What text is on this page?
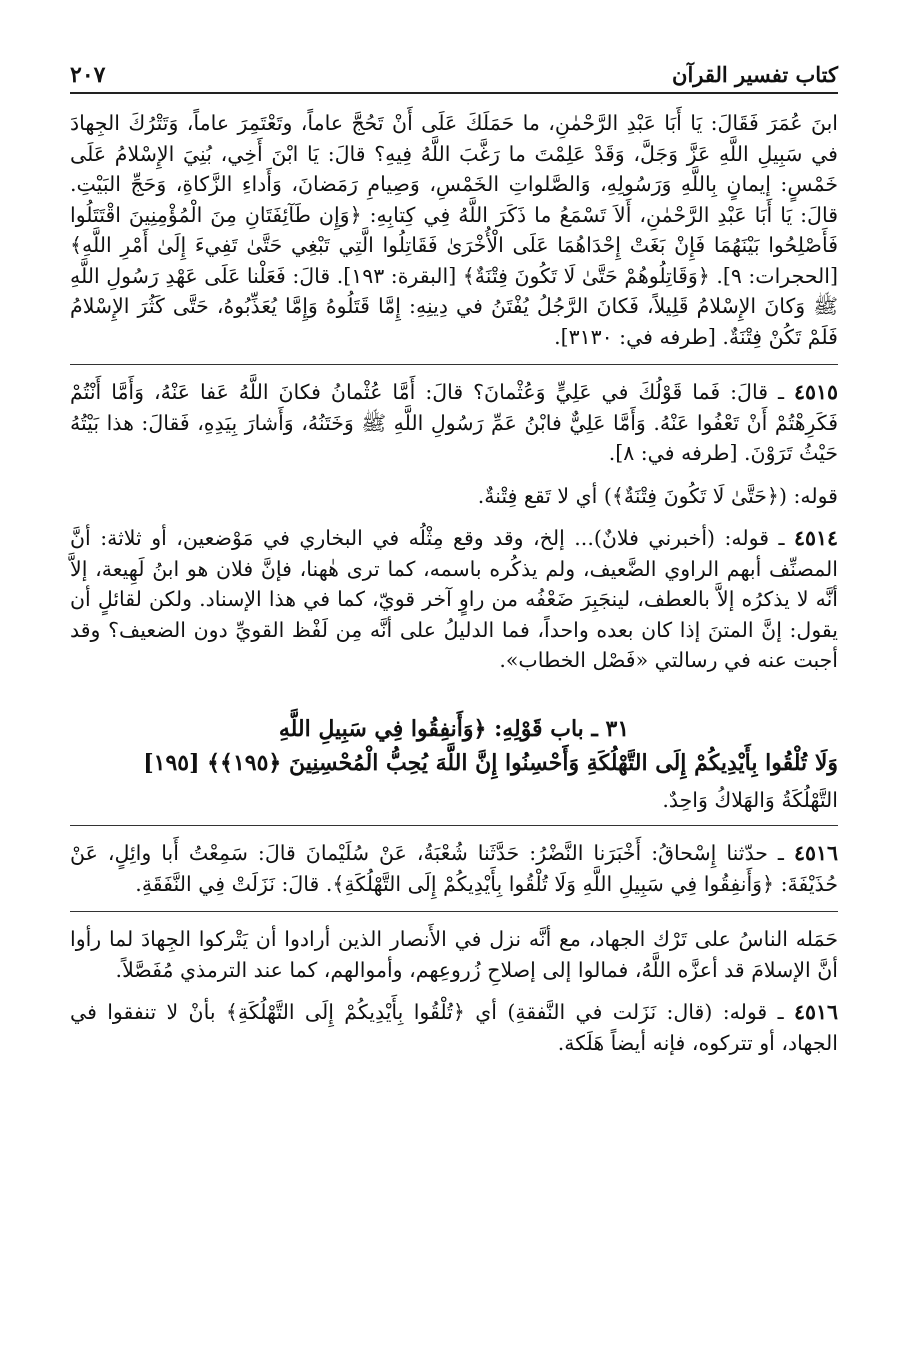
كتاب تفسير القرآن
٢٠٧

ابنَ عُمَرَ فَقَالَ: يَا أَبَا عَبْدِ الرَّحْمٰنِ، ما حَمَلَكَ عَلَى أَنْ تَحُجَّ عاماً، وتَعْتَمِرَ عاماً، وَتَتْرُكَ الجِهادَ في سَبِيلِ اللَّهِ عَزَّ وَجَلَّ، وَقَدْ عَلِمْتَ ما رَغَّبَ اللَّهُ فِيهِ؟ قالَ: يَا ابْنَ أَخِي، بُنِيَ الإِسْلامُ عَلَى خَمْسٍ: إيمانٍ بِاللَّهِ وَرَسُولِهِ، وَالصَّلواتِ الخَمْسِ، وَصِيامِ رَمَضانَ، وَأَداءِ الزَّكاةِ، وَحَجِّ البَيْتِ. قالَ: يَا أَبَا عَبْدِ الرَّحْمٰنِ، أَلاَ تَسْمَعُ ما ذَكَرَ اللَّهُ فِي كِتابِهِ: ﴿وَإِن طَآئِفَتَانِ مِنَ الْمُؤْمِنِينَ اقْتَتَلُوا فَأَصْلِحُوا بَيْنَهُمَا فَإِنْ بَغَتْ إِحْدَاهُمَا عَلَى الْأُخْرَىٰ فَقَاتِلُوا الَّتِي تَبْغِي حَتَّىٰ تَفِيءَ إِلَىٰ أَمْرِ اللَّهِ﴾ [الحجرات: ٩]. ﴿وَقَاتِلُوهُمْ حَتَّىٰ لَا تَكُونَ فِتْنَةٌ﴾ [البقرة: ١٩٣]. قالَ: فَعَلْنا عَلَى عَهْدِ رَسُولِ اللَّهِ ﷺ وَكانَ الإِسْلامُ قَلِيلاً، فَكانَ الرَّجُلُ يُفْتَنُ في دِينِهِ: إِمَّا قَتَلُوهُ وَإِمَّا يُعَذِّبُوهُ، حَتَّى كَثُرَ الإِسْلامُ فَلَمْ تَكُنْ فِتْنَةٌ. [طرفه في: ٣١٣٠].

٤٥١٥ ـ قالَ: فَما قَوْلُكَ في عَلِيٍّ وَعُثْمانَ؟ قالَ: أَمَّا عُثْمانُ فكانَ اللَّهُ عَفا عَنْهُ، وَأَمَّا أَنْتُمْ فَكَرِهْتُمْ أَنْ تَعْفُوا عَنْهُ. وَأَمَّا عَلِيٌّ فابْنُ عَمِّ رَسُولِ اللَّهِ ﷺ وَخَتَنُهُ، وَأَشارَ بِيَدِهِ، فَقالَ: هذا بَيْتُهُ حَيْثُ تَرَوْنَ. [طرفه في: ٨].

قوله: (﴿حَتَّىٰ لَا تَكُونَ فِتْنَةٌ﴾) أي لا تَقع فِتْنةٌ.

٤٥١٤ ـ قوله: (أخبرني فلانٌ)... إلخ، وقد وقع مِثْلُه في البخاري في مَوْضعين، أو ثلاثة: أنَّ المصنِّف أبهم الراوي الضَّعيف، ولم يذكُره باسمه، كما ترى هٰهنا، فإنَّ فلان هو ابنُ لَهِيعة، إلاَّ أنَّه لا يذكرُه إلاَّ بالعطف، لينجَبِرَ ضَعْفُه من راوٍ آخر قويّ، كما في هذا الإسناد. ولكن لقائلٍ أن يقول: إنَّ المتنَ إذا كان بعده واحداً، فما الدليلُ على أنَّه مِن لَفْظ القويِّ دون الضعيف؟ وقد أجبت عنه في رسالتي «فَصْل الخطاب».

٣١ ـ باب قَوْلِهِ: ﴿وَأَنفِقُوا فِي سَبِيلِ اللَّهِ

وَلَا تُلْقُوا بِأَيْدِيكُمْ إِلَى التَّهْلُكَةِ وَأَحْسِنُوا إِنَّ اللَّهَ يُحِبُّ الْمُحْسِنِينَ ﴿١٩٥﴾﴾ [١٩٥]

التَّهْلُكَةُ وَالهَلاكُ وَاحِدٌ.

٤٥١٦ ـ حدّثنا إِسْحاقُ: أَخْبَرَنا النَّضْرُ: حَدَّثَنا شُعْبَةُ، عَنْ سُلَيْمانَ قالَ: سَمِعْتُ أَبا وائِلٍ، عَنْ حُذَيْفَةَ: ﴿وَأَنفِقُوا فِي سَبِيلِ اللَّهِ وَلَا تُلْقُوا بِأَيْدِيكُمْ إِلَى التَّهْلُكَةِ﴾. قالَ: نَزَلَتْ فِي النَّفَقَةِ.

حَمَله الناسُ على تَرْك الجهاد، مع أنَّه نزل في الأَنصار الذين أرادوا أن يَتْركوا الجِهادَ لما رأوا أنَّ الإسلامَ قد أعزَّه اللَّهُ، فمالوا إلى إصلاحِ زُروعِهم، وأموالهم، كما عند الترمذي مُفَصَّلاً.

٤٥١٦ ـ قوله: (قال: نَزَلت في النَّفقةِ) أي ﴿تُلْقُوا بِأَيْدِيكُمْ إِلَى التَّهْلُكَةِ﴾ بأنْ لا تنفقوا في الجهاد، أو تتركوه، فإنه أيضاً هَلَكة.
